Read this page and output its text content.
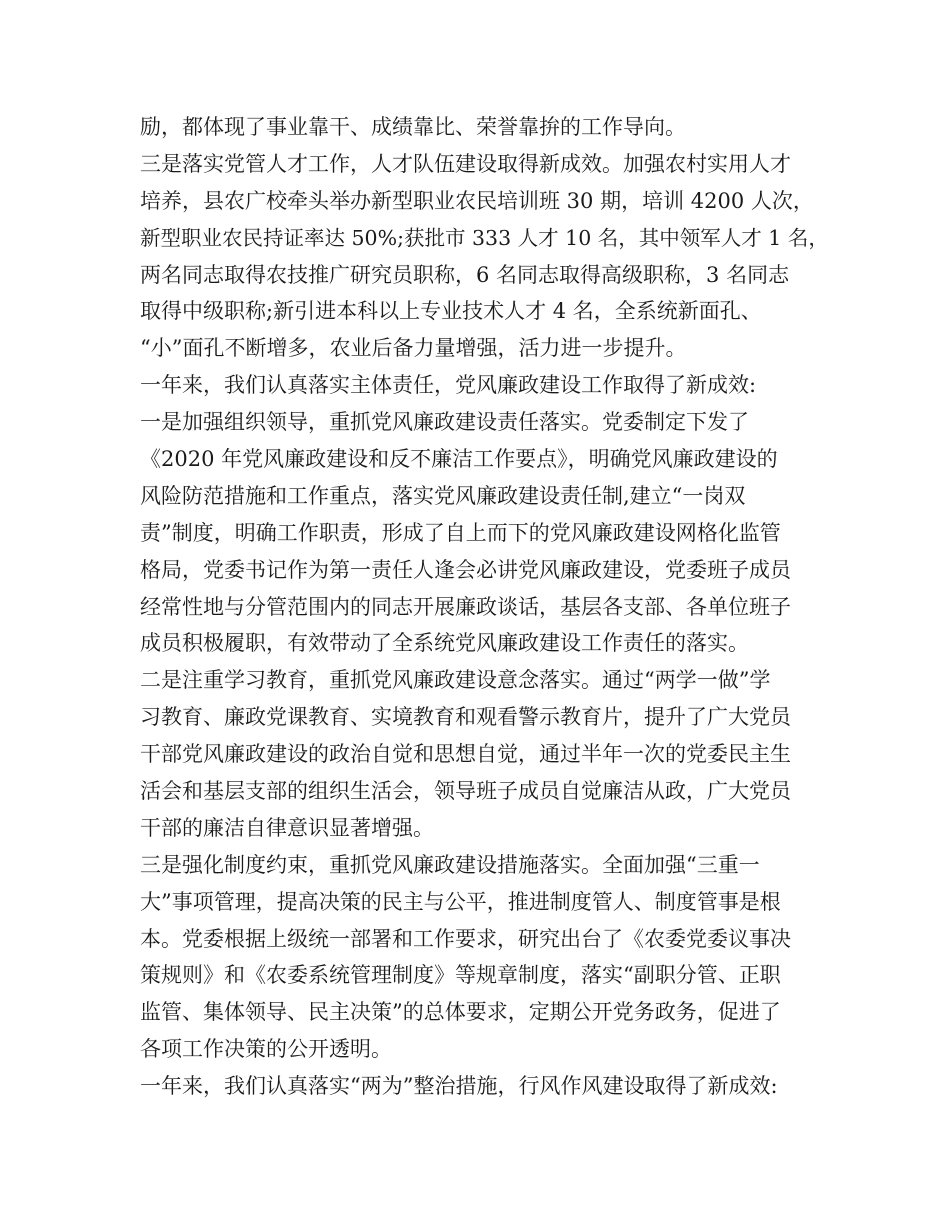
励，都体现了事业靠干、成绩靠比、荣誉靠拚的工作导向。
三是落实党管人才工作，人才队伍建设取得新成效。加强农村实用人才
培养，县农广校牵头举办新型职业农民培训班 30 期，培训 4200 人次，
新型职业农民持证率达 50%;获批市 333 人才 10 名，其中领军人才 1 名，
两名同志取得农技推广研究员职称，6 名同志取得高级职称，3 名同志
取得中级职称;新引进本科以上专业技术人才 4 名，全系统新面孔、
“小”面孔不断增多，农业后备力量增强，活力进一步提升。
一年来，我们认真落实主体责任，党风廉政建设工作取得了新成效:
一是加强组织领导，重抓党风廉政建设责任落实。党委制定下发了
《2020 年党风廉政建设和反不廉洁工作要点》，明确党风廉政建设的
风险防范措施和工作重点，落实党风廉政建设责任制,建立“一岗双
责”制度，明确工作职责，形成了自上而下的党风廉政建设网格化监管
格局，党委书记作为第一责任人逢会必讲党风廉政建设，党委班子成员
经常性地与分管范围内的同志开展廉政谈话，基层各支部、各单位班子
成员积极履职，有效带动了全系统党风廉政建设工作责任的落实。
二是注重学习教育，重抓党风廉政建设意念落实。通过“两学一做”学
习教育、廉政党课教育、实境教育和观看警示教育片，提升了广大党员
干部党风廉政建设的政治自觉和思想自觉，通过半年一次的党委民主生
活会和基层支部的组织生活会，领导班子成员自觉廉洁从政，广大党员
干部的廉洁自律意识显著增强。
三是强化制度约束，重抓党风廉政建设措施落实。全面加强“三重一
大”事项管理，提高决策的民主与公平，推进制度管人、制度管事是根
本。党委根据上级统一部署和工作要求，研究出台了《农委党委议事决
策规则》和《农委系统管理制度》等规章制度，落实“副职分管、正职
监管、集体领导、民主决策”的总体要求，定期公开党务政务，促进了
各项工作决策的公开透明。
一年来，我们认真落实“两为”整治措施，行风作风建设取得了新成效:
